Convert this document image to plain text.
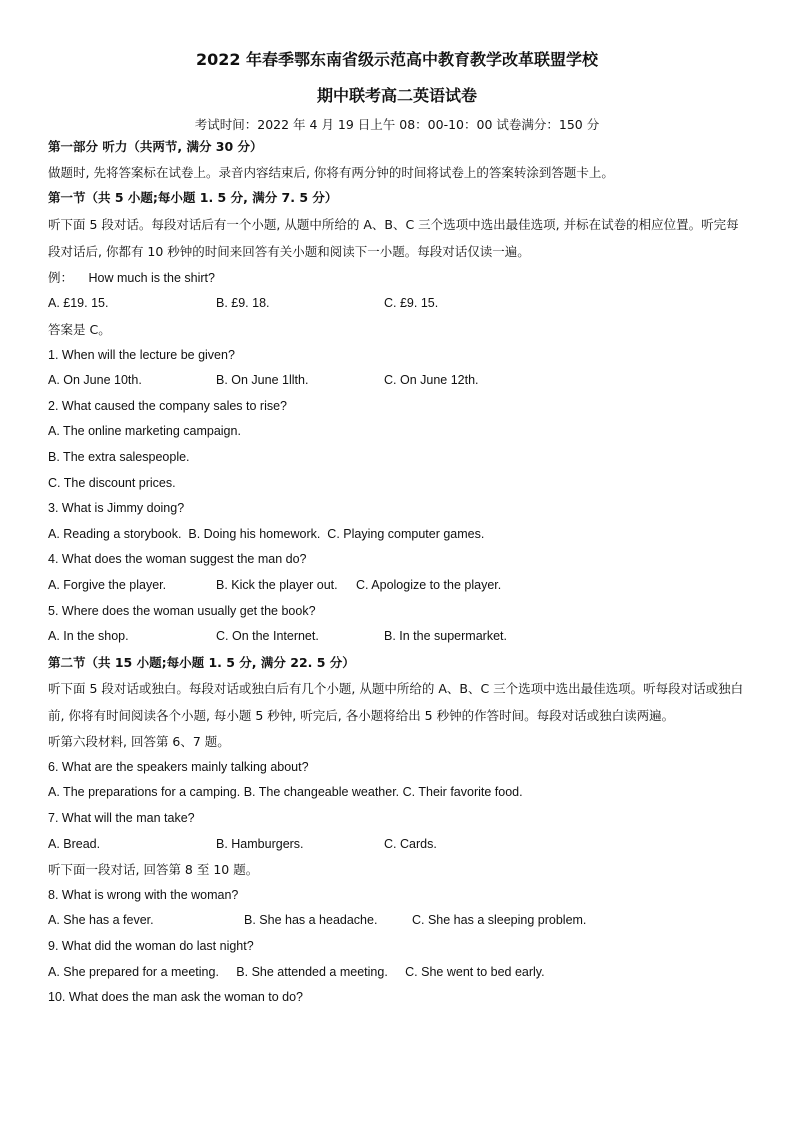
2022 年春季鄂东南省级示范高中教育教学改革联盟学校
期中联考高二英语试卷
考试时间：2022 年 4 月 19 日上午 08：00-10：00 试卷满分：150 分
第一部分 听力（共两节, 满分 30 分）
做题时, 先将答案标在试卷上。录音内容结束后, 你将有两分钟的时间将试卷上的答案转涂到答题卡上。
第一节（共 5 小题;每小题 1. 5 分, 满分 7. 5 分）
听下面 5 段对话。每段对话后有一个小题, 从题中所给的 A、B、C 三个选项中选出最佳选项, 并标在试卷的相应位置。听完每段对话后, 你都有 10 秒钟的时间来回答有关小题和阅读下一小题。每段对话仅读一遍。
例： How much is the shirt?
A. £19. 15.	B. £9. 18.	C. £9. 15.
答案是 C。
1. When will the lecture be given?
A. On June 10th.	B. On June 1llth.	C. On June 12th.
2. What caused the company sales to rise?
A. The online marketing campaign.
B. The extra salespeople.
C. The discount prices.
3. What is Jimmy doing?
A. Reading a storybook.  B. Doing his homework.  C. Playing computer games.
4. What does the woman suggest the man do?
A. Forgive the player.	B. Kick the player out. C. Apologize to the player.
5. Where does the woman usually get the book?
A. In the shop.	C. On the Internet.	B. In the supermarket.
第二节（共 15 小题;每小题 1. 5 分, 满分 22. 5 分）
听下面 5 段对话或独白。每段对话或独白后有几个小题, 从题中所给的 A、B、C 三个选项中选出最佳选项。听每段对话或独白前, 你将有时间阅读各个小题, 每小题 5 秒钟, 听完后, 各小题将给出 5 秒钟的作答时间。每段对话或独白读两遍。
听第六段材料, 回答第 6、7 题。
6. What are the speakers mainly talking about?
A. The preparations for a camping. B. The changeable weather. C. Their favorite food.
7. What will the man take?
A. Bread.	B. Hamburgers.	C. Cards.
听下面一段对话, 回答第 8 至 10 题。
8. What is wrong with the woman?
A. She has a fever.	B. She has a headache.	C. She has a sleeping problem.
9. What did the woman do last night?
A. She prepared for a meeting.     B. She attended a meeting.     C. She went to bed early.
10. What does the man ask the woman to do?
